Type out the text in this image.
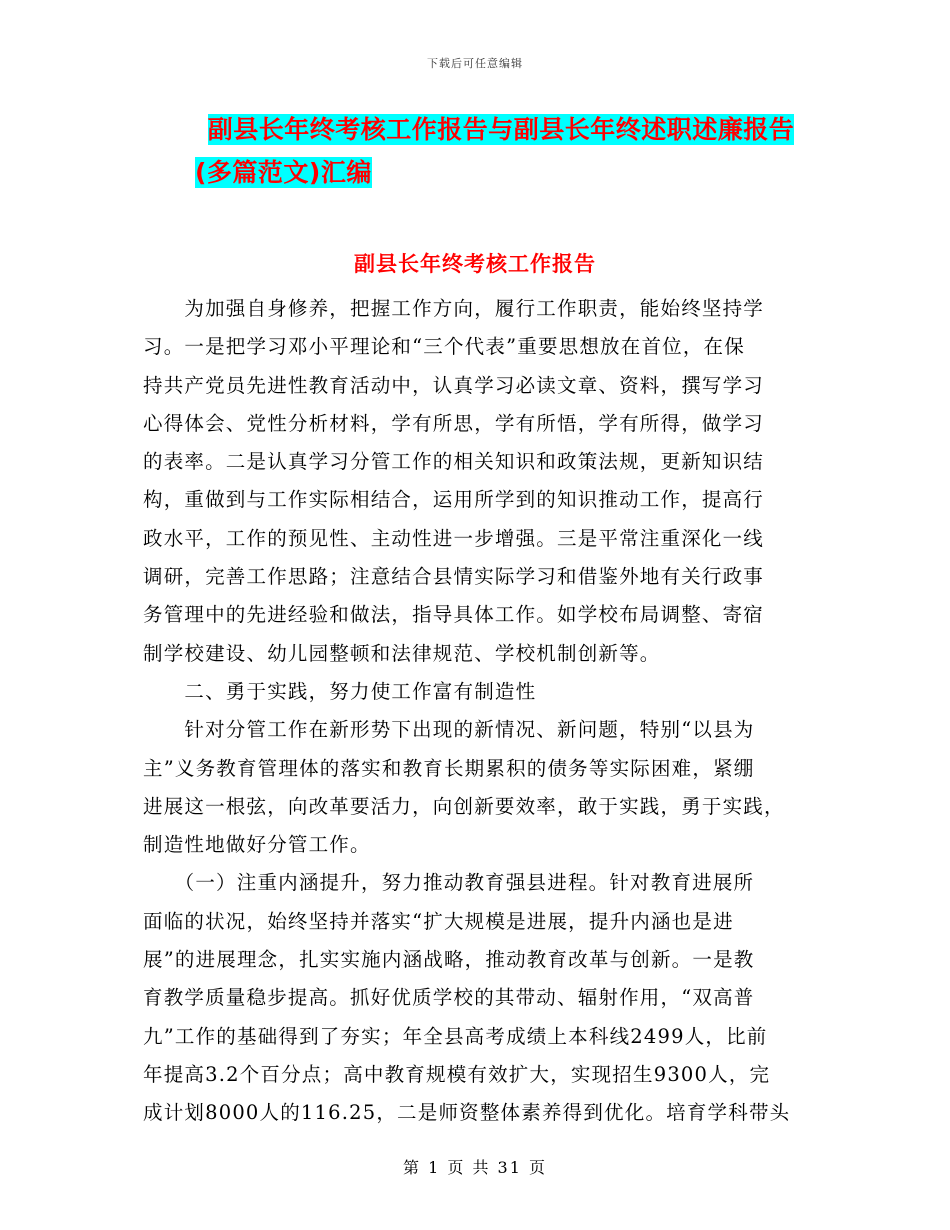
下载后可任意编辑
副县长年终考核工作报告与副县长年终述职述廉报告
(多篇范文)汇编
副县长年终考核工作报告
　　为加强自身修养，把握工作方向，履行工作职责，能始终坚持学
习。一是把学习邓小平理论和“三个代表”重要思想放在首位，在保
持共产党员先进性教育活动中，认真学习必读文章、资料，撰写学习
心得体会、党性分析材料，学有所思，学有所悟，学有所得，做学习
的表率。二是认真学习分管工作的相关知识和政策法规，更新知识结
构，重做到与工作实际相结合，运用所学到的知识推动工作，提高行
政水平，工作的预见性、主动性进一步增强。三是平常注重深化一线
调研，完善工作思路；注意结合县情实际学习和借鉴外地有关行政事
务管理中的先进经验和做法，指导具体工作。如学校布局调整、寄宿
制学校建设、幼儿园整顿和法律规范、学校机制创新等。
　　二、勇于实践，努力使工作富有制造性
　　针对分管工作在新形势下出现的新情况、新问题，特别“以县为
主”义务教育管理体的落实和教育长期累积的债务等实际困难，紧绷
进展这一根弦，向改革要活力，向创新要效率，敢于实践，勇于实践，
制造性地做好分管工作。
　　（一）注重内涵提升，努力推动教育强县进程。针对教育进展所
面临的状况，始终坚持并落实“扩大规模是进展，提升内涵也是进
展”的进展理念，扎实实施内涵战略，推动教育改革与创新。一是教
育教学质量稳步提高。抓好优质学校的其带动、辐射作用，“双高普
九”工作的基础得到了夯实；年全县高考成绩上本科线2499人，比前
年提高3.2个百分点；高中教育规模有效扩大，实现招生9300人，完
成计划8000人的116.25，二是师资整体素养得到优化。培育学科带头
第 1 页 共 31 页
